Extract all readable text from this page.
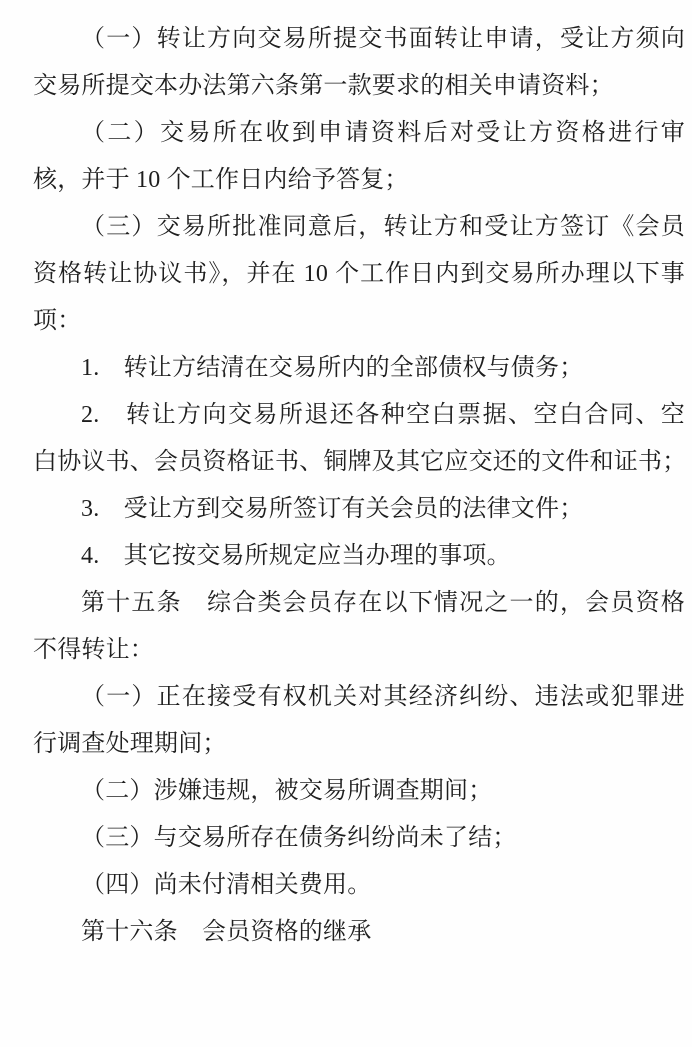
（一）转让方向交易所提交书面转让申请，受让方须向
交易所提交本办法第六条第一款要求的相关申请资料；
（二）交易所在收到申请资料后对受让方资格进行审
核，并于 10 个工作日内给予答复；
（三）交易所批准同意后，转让方和受让方签订《会员
资格转让协议书》，并在 10 个工作日内到交易所办理以下事
项：
1.　转让方结清在交易所内的全部债权与债务；
2.　转让方向交易所退还各种空白票据、空白合同、空
白协议书、会员资格证书、铜牌及其它应交还的文件和证书；
3.　受让方到交易所签订有关会员的法律文件；
4.　其它按交易所规定应当办理的事项。
第十五条　综合类会员存在以下情况之一的，会员资格
不得转让：
（一）正在接受有权机关对其经济纠纷、违法或犯罪进
行调查处理期间；
（二）涉嫌违规，被交易所调查期间；
（三）与交易所存在债务纠纷尚未了结；
（四）尚未付清相关费用。
第十六条　会员资格的继承
